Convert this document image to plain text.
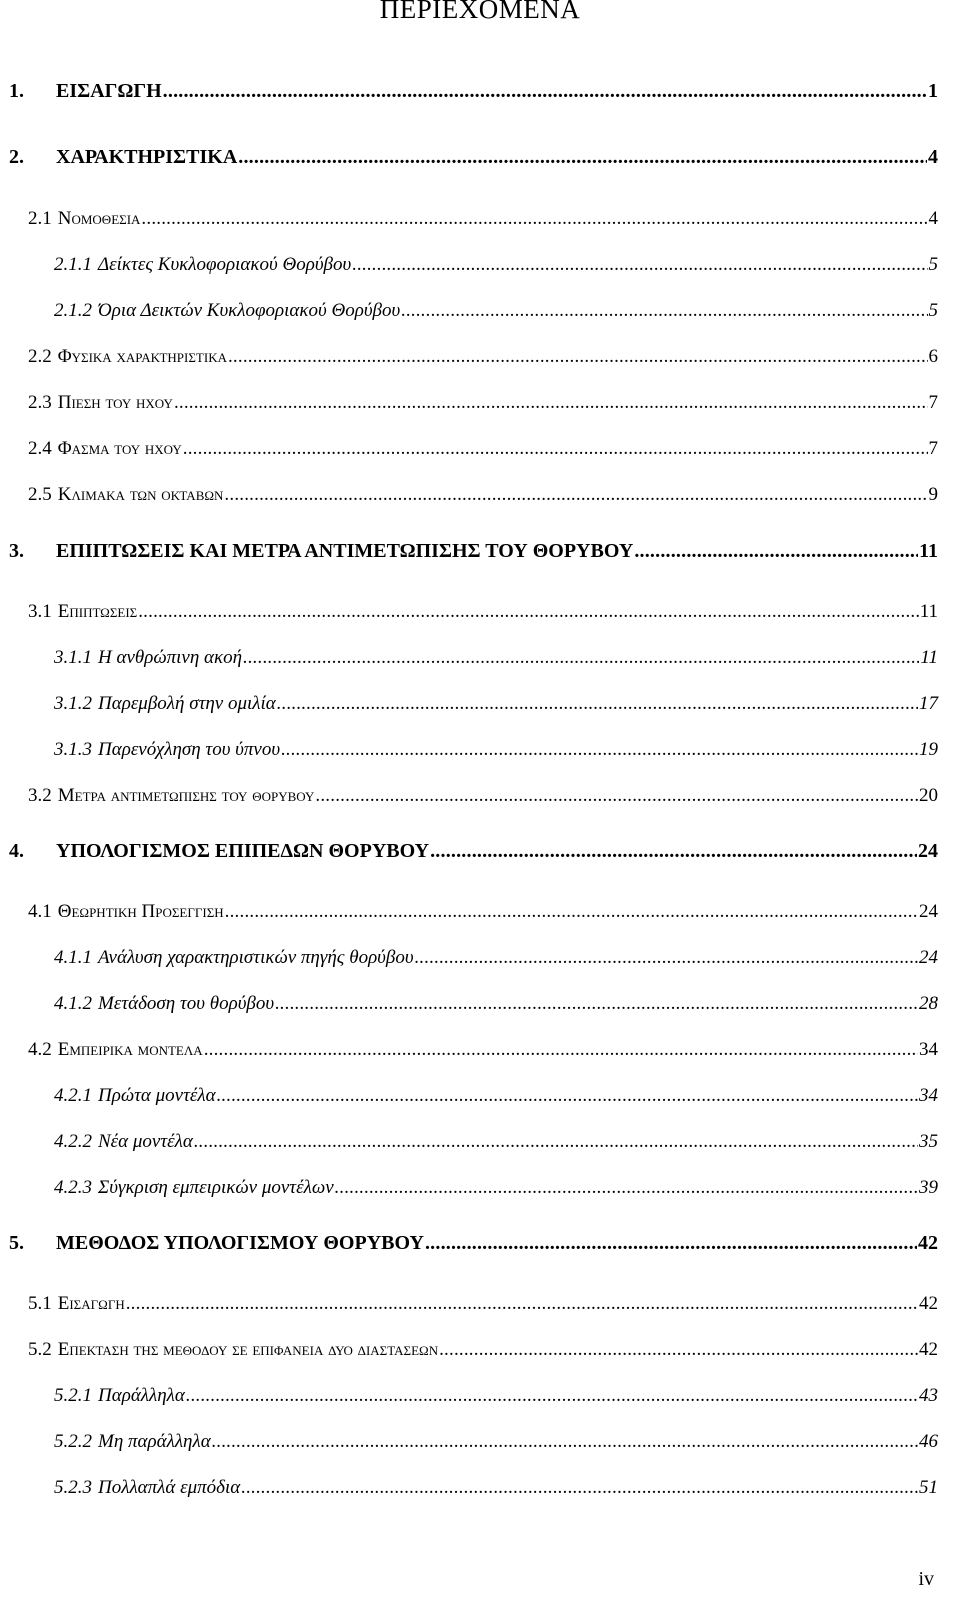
ΠΕΡΙΕΧΟΜΕΝΑ
1.	ΕΙΣΑΓΩΓΗ .....	1
2.	ΧΑΡΑΚΤΗΡΙΣΤΙΚΑ .....	4
2.1 Νομοθεσια .....	4
2.1.1 Δείκτες Κυκλοφοριακού Θορύβου .....	5
2.1.2 Όρια Δεικτών Κυκλοφοριακού Θορύβου .....	5
2.2 Φυσικα χαρακτηριστικα .....	6
2.3 Πιεση του ηχου .....	7
2.4 Φασμα του ηχου .....	7
2.5 Κλιμακα των οκταβων .....	9
3.	ΕΠΙΠΤΩΣΕΙΣ ΚΑΙ ΜΕΤΡΑ ΑΝΤΙΜΕΤΩΠΙΣΗΣ ΤΟΥ ΘΟΡΥΒΟΥ .....	11
3.1 Επιπτωσεις .....	11
3.1.1 Η ανθρώπινη ακοή .....	11
3.1.2 Παρεμβολή στην ομιλία .....	17
3.1.3 Παρενόχληση του ύπνου .....	19
3.2 Μετρα αντιμετωπισης του θορυβου .....	20
4.	ΥΠΟΛΟΓΙΣΜΟΣ ΕΠΙΠΕΔΩΝ ΘΟΡΥΒΟΥ .....	24
4.1 Θεωρητικη Προσεγγιση .....	24
4.1.1 Ανάλυση χαρακτηριστικών πηγής θορύβου .....	24
4.1.2 Μετάδοση του θορύβου .....	28
4.2 Εμπειρικα μοντελα .....	34
4.2.1 Πρώτα μοντέλα .....	34
4.2.2 Νέα μοντέλα .....	35
4.2.3 Σύγκριση εμπειρικών μοντέλων .....	39
5.	ΜΕΘΟΔΟΣ ΥΠΟΛΟΓΙΣΜΟΥ ΘΟΡΥΒΟΥ .....	42
5.1 Εισαγωγη .....	42
5.2 Επεκταση της μεθοδου σε επιφανεια δυο διαστασεων .....	42
5.2.1 Παράλληλα .....	43
5.2.2 Μη παράλληλα .....	46
5.2.3 Πολλαπλά εμπόδια .....	51
iv
